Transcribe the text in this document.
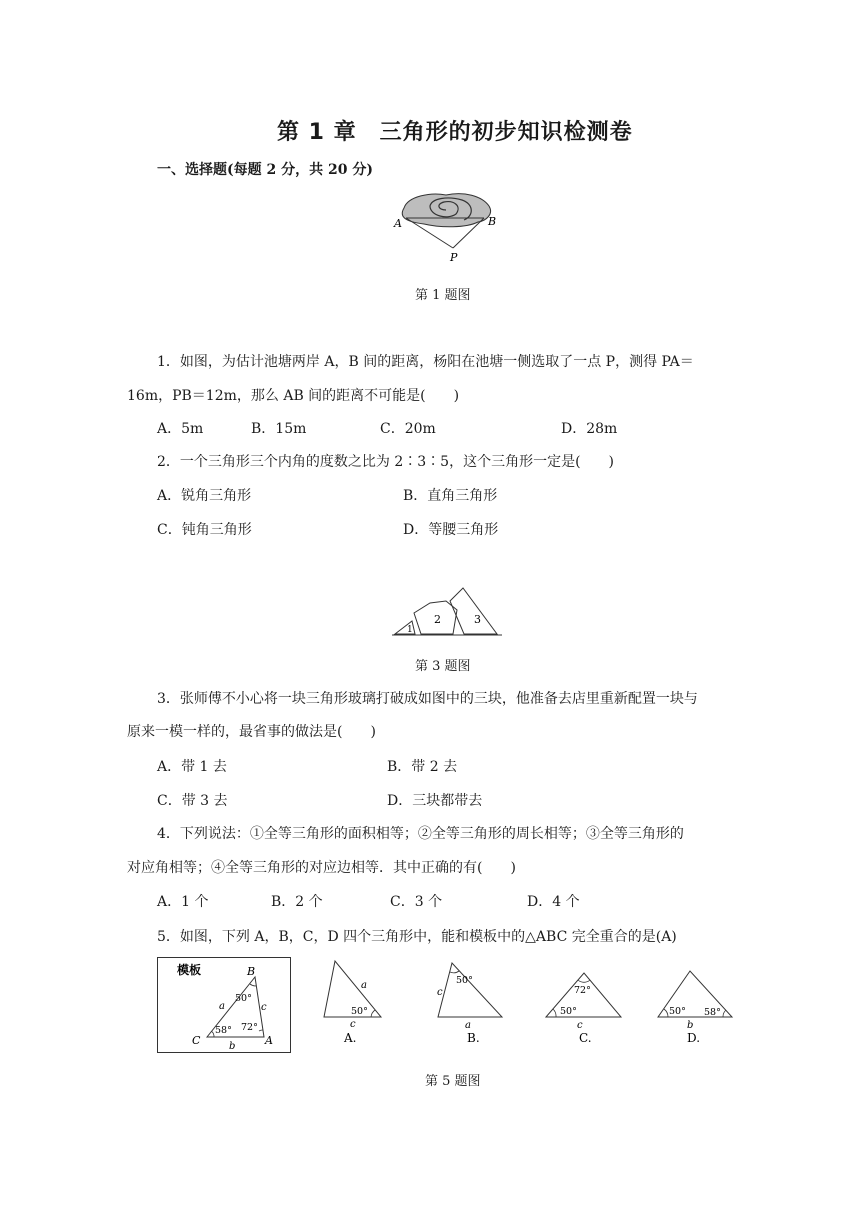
第 1 章　三角形的初步知识检测卷
一、选择题(每题 2 分，共 20 分)
A	B
P
第 1 题图
1．如图，为估计池塘两岸 A，B 间的距离，杨阳在池塘一侧选取了一点 P，测得 PA＝
16m，PB＝12m，那么 AB 间的距离不可能是(　　)
A．5m	B．15m	C．20m	D．28m
2．一个三角形三个内角的度数之比为 2∶3∶5，这个三角形一定是(　　)
A．锐角三角形	B．直角三角形
C．钝角三角形	D．等腰三角形
1
2	3
第 3 题图
3．张师傅不小心将一块三角形玻璃打破成如图中的三块，他准备去店里重新配置一块与
原来一模一样的，最省事的做法是(　　)
A．带 1 去	B．带 2 去
C．带 3 去	D．三块都带去
4．下列说法：①全等三角形的面积相等；②全等三角形的周长相等；③全等三角形的
对应角相等；④全等三角形的对应边相等．其中正确的有(　　)
A．1 个	B．2 个	C．3 个	D．4 个
5．如图，下列 A，B，C，D 四个三角形中，能和模板中的△ABC 完全重合的是(A)
模板	B
C	A
a	c
b
50°
58° 72°
a
50°
c
A.
50°
c
a
B.
72°
50°
c
C.
50° 58°
b
D.
第 5 题图
